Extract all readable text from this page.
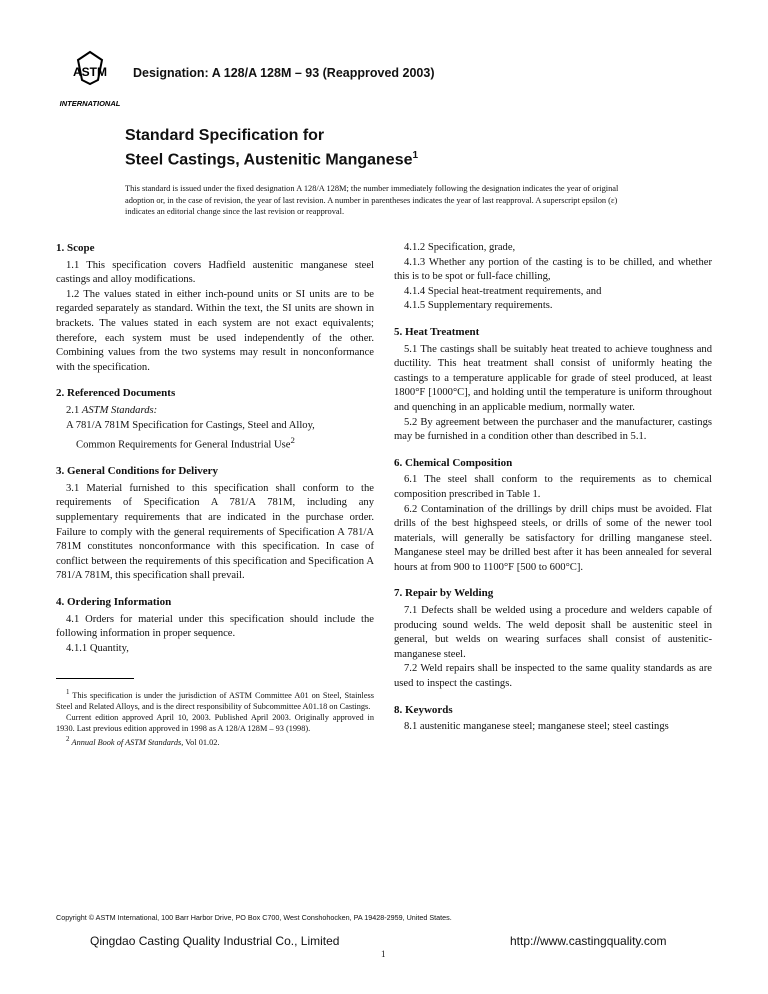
ASTM
INTERNATIONAL
Designation: A 128/A 128M – 93 (Reapproved 2003)
Standard Specification for
Steel Castings, Austenitic Manganese$^1$
This standard is issued under the fixed designation A 128/A 128M; the number immediately following the designation indicates the year of original adoption or, in the case of revision, the year of last revision. A number in parentheses indicates the year of last reapproval. A superscript epsilon (ε) indicates an editorial change since the last revision or reapproval.
1. Scope

1.1 This specification covers Hadfield austenitic manganese steel castings and alloy modifications.

1.2 The values stated in either inch-pound units or SI units are to be regarded separately as standard. Within the text, the SI units are shown in brackets. The values stated in each system are not exact equivalents; therefore, each system must be used independently of the other. Combining values from the two systems may result in nonconformance with the specification.

2. Referenced Documents

2.1 ASTM Standards:

A 781/A 781M Specification for Castings, Steel and Alloy,
Common Requirements for General Industrial Use$^2$

3. General Conditions for Delivery

3.1 Material furnished to this specification shall conform to the requirements of Specification A 781/A 781M, including any supplementary requirements that are indicated in the purchase order. Failure to comply with the general requirements of Specification A 781/A 781M constitutes nonconformance with this specification. In case of conflict between the requirements of this specification and Specification A 781/A 781M, this specification shall prevail.

4. Ordering Information

4.1 Orders for material under this specification should include the following information in proper sequence.

4.1.1 Quantity,

$^1$ This specification is under the jurisdiction of ASTM Committee A01 on Steel, Stainless Steel and Related Alloys, and is the direct responsibility of Subcommittee A01.18 on Castings.

Current edition approved April 10, 2003. Published April 2003. Originally approved in 1930. Last previous edition approved in 1998 as A 128/A 128M – 93 (1998).

$^2$ Annual Book of ASTM Standards, Vol 01.02.

4.1.2 Specification, grade,

4.1.3 Whether any portion of the casting is to be chilled, and whether this is to be spot or full-face chilling,

4.1.4 Special heat-treatment requirements, and

4.1.5 Supplementary requirements.

5. Heat Treatment

5.1 The castings shall be suitably heat treated to achieve toughness and ductility. This heat treatment shall consist of uniformly heating the castings to a temperature applicable for grade of steel produced, at least 1800°F [1000°C], and holding until the temperature is uniform throughout and quenching in an applicable medium, normally water.

5.2 By agreement between the purchaser and the manufacturer, castings may be furnished in a condition other than described in 5.1.

6. Chemical Composition

6.1 The steel shall conform to the requirements as to chemical composition prescribed in Table 1.

6.2 Contamination of the drillings by drill chips must be avoided. Flat drills of the best highspeed steels, or drills of some of the newer tool materials, will generally be satisfactory for drilling manganese steel. Manganese steel may be drilled best after it has been annealed for several hours at from 900 to 1100°F [500 to 600°C].

7. Repair by Welding

7.1 Defects shall be welded using a procedure and welders capable of producing sound welds. The weld deposit shall be austenitic steel in general, but welds on wearing surfaces shall consist of austenitic-manganese steel.

7.2 Weld repairs shall be inspected to the same quality standards as are used to inspect the castings.

8. Keywords

8.1 austenitic manganese steel; manganese steel; steel castings

Copyright © ASTM International, 100 Barr Harbor Drive, PO Box C700, West Conshohocken, PA 19428-2959, United States.
Qingdao Casting Quality Industrial Co., Limited	http://www.castingquality.com
1
